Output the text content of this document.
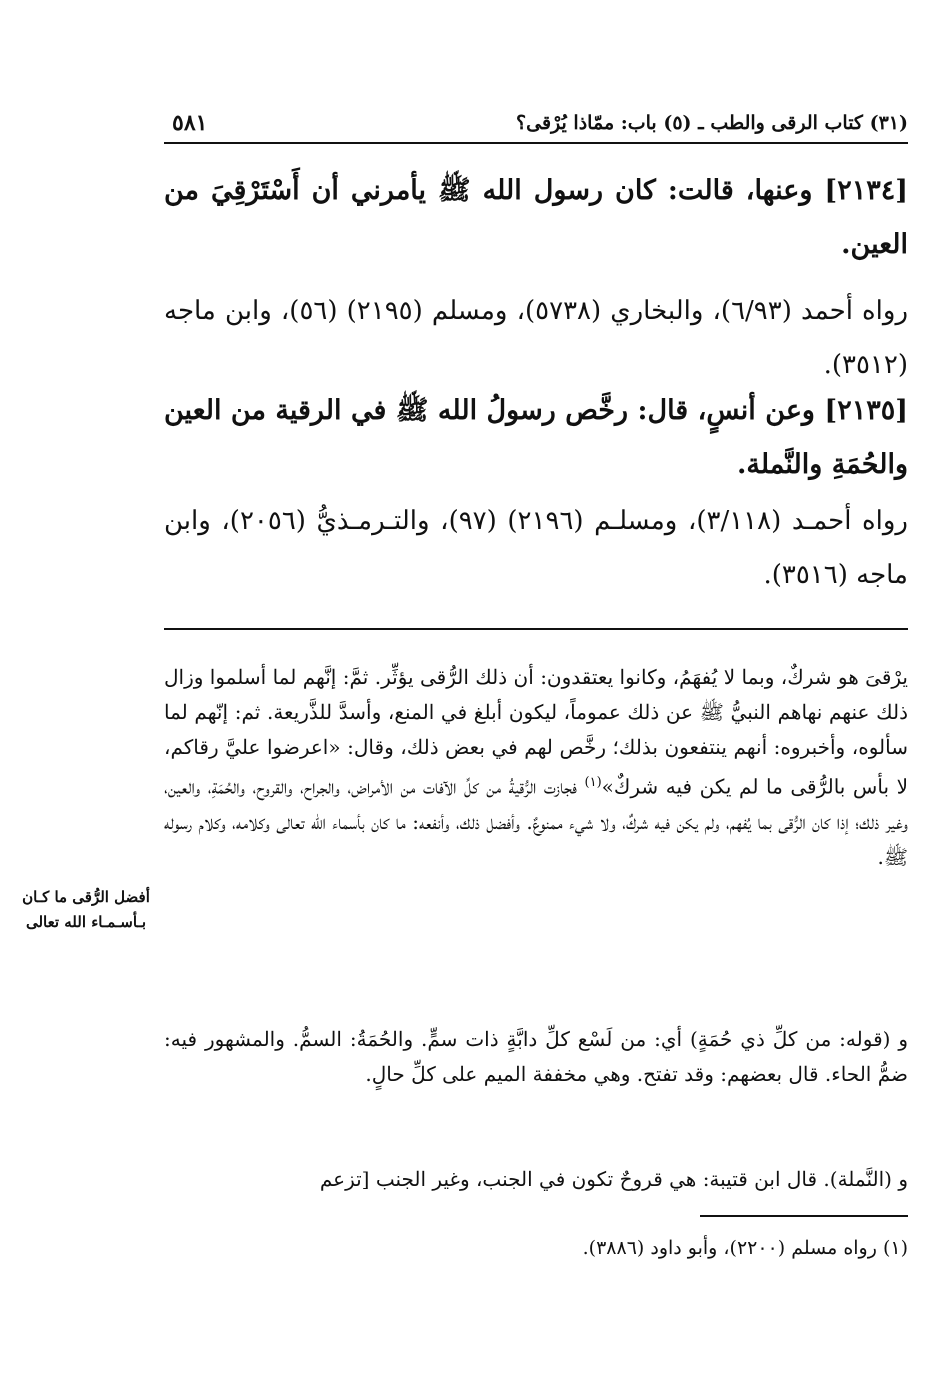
(٣١) كتاب الرقى والطب ـ (٥) باب: ممّاذا يُرْقى؟
٥٨١
[٢١٣٤] وعنها، قالت: كان رسول الله ﷺ يأمرني أن أَسْتَرْقِيَ من العين.
رواه أحمد (٦/٩٣)، والبخاري (٥٧٣٨)، ومسلم (٢١٩٥) (٥٦)، وابن ماجه (٣٥١٢).
[٢١٣٥] وعن أنسٍ، قال: رخَّص رسولُ الله ﷺ في الرقية من العين والحُمَةِ والنَّملة.
رواه أحمـد (٣/١١٨)، ومسلـم (٢١٩٦) (٩٧)، والتـرمـذيُّ (٢٠٥٦)، وابن ماجه (٣٥١٦).
يرْقىَ هو شركٌ، وبما لا يُفهَمُ، وكانوا يعتقدون: أن ذلك الرُّقى يؤثِّر. ثمَّ: إنَّهم لما أسلموا وزال ذلك عنهم نهاهم النبيُّ ﷺ عن ذلك عموماً، ليكون أبلغ في المنع، وأسدَّ للذَّريعة. ثم: إنّهم لما سألوه، وأخبروه: أنهم ينتفعون بذلك؛ رخَّص لهم في بعض ذلك، وقال: «اعرضوا عليَّ رقاكم، لا بأس بالرُّقى ما لم يكن فيه شركٌ»$^{(١)}$ فجازت الرُّقيةُ من كلِّ الآفات من الأمراض، والجراح، والقروح، والحُمَةِ، والعين، وغير ذلك؛ إذا كان الرُّقى بما يُفهم، ولم يكن فيه شركٌ، ولا شيء ممنوعٌ. وأفضل ذلك، وأنفعه: ما كان بأسماء الله تعالى وكلامه، وكلام رسوله ﷺ.
و (قوله: من كلِّ ذي حُمَةٍ) أي: من لَسْع كلِّ دابَّةٍ ذات سمٍّ. والحُمَةُ: السمُّ. والمشهور فيه: ضمُّ الحاء. قال بعضهم: وقد تفتح. وهي مخففة الميم على كلِّ حالٍ.
و (النَّملة). قال ابن قتيبة: هي قروحٌ تكون في الجنب، وغير الجنب [تزعم
أفضل الرُّقى ما كـان بـأسـمـاء الله تعالى
(١) رواه مسلم (٢٢٠٠)، وأبو داود (٣٨٨٦).
